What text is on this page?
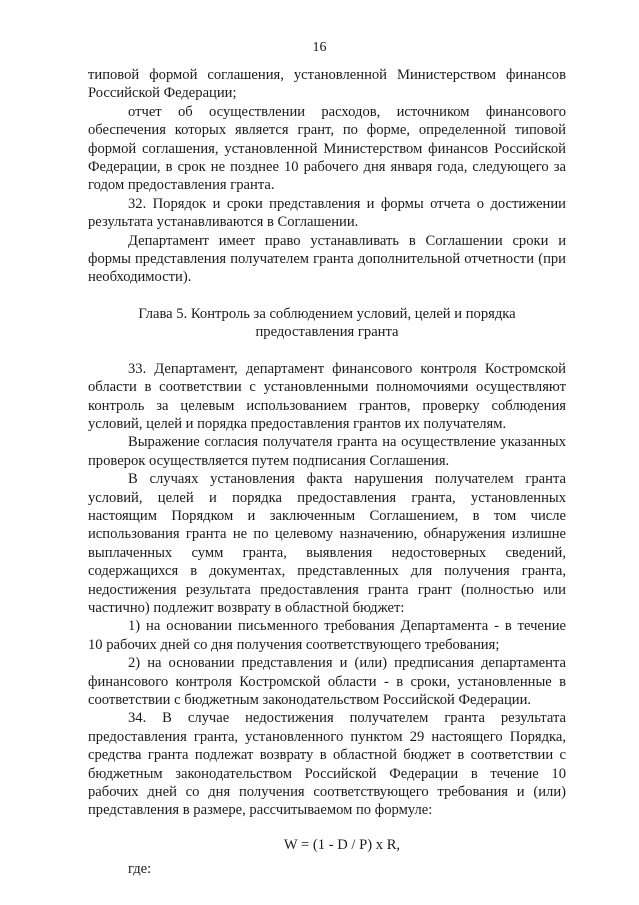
16

типовой формой соглашения, установленной Министерством финансов Российской Федерации;

отчет об осуществлении расходов, источником финансового обеспечения которых является грант, по форме, определенной типовой формой соглашения, установленной Министерством финансов Российской Федерации, в срок не позднее 10 рабочего дня января года, следующего за годом предоставления гранта.

32. Порядок и сроки представления и формы отчета о достижении результата устанавливаются в Соглашении.

Департамент имеет право устанавливать в Соглашении сроки и формы представления получателем гранта дополнительной отчетности (при необходимости).

Глава 5. Контроль за соблюдением условий, целей и порядка

предоставления гранта

33. Департамент, департамент финансового контроля Костромской области в соответствии с установленными полномочиями осуществляют контроль за целевым использованием грантов, проверку соблюдения условий, целей и порядка предоставления грантов их получателям.

Выражение согласия получателя гранта на осуществление указанных проверок осуществляется путем подписания Соглашения.

В случаях установления факта нарушения получателем гранта условий, целей и порядка предоставления гранта, установленных настоящим Порядком и заключенным Соглашением, в том числе использования гранта не по целевому назначению, обнаружения излишне выплаченных сумм гранта, выявления недостоверных сведений, содержащихся в документах, представленных для получения гранта, недостижения результата предоставления гранта грант (полностью или частично) подлежит возврату в областной бюджет:

1) на основании письменного требования Департамента - в течение 10 рабочих дней со дня получения соответствующего требования;

2) на основании представления и (или) предписания департамента финансового контроля Костромской области - в сроки, установленные в соответствии с бюджетным законодательством Российской Федерации.

34. В случае недостижения получателем гранта результата предоставления гранта, установленного пунктом 29 настоящего Порядка, средства гранта подлежат возврату в областной бюджет в соответствии с бюджетным законодательством Российской Федерации в течение 10 рабочих дней со дня получения соответствующего требования и (или) представления в размере, рассчитываемом по формуле:

W = (1 - D / P) x R,

где:
